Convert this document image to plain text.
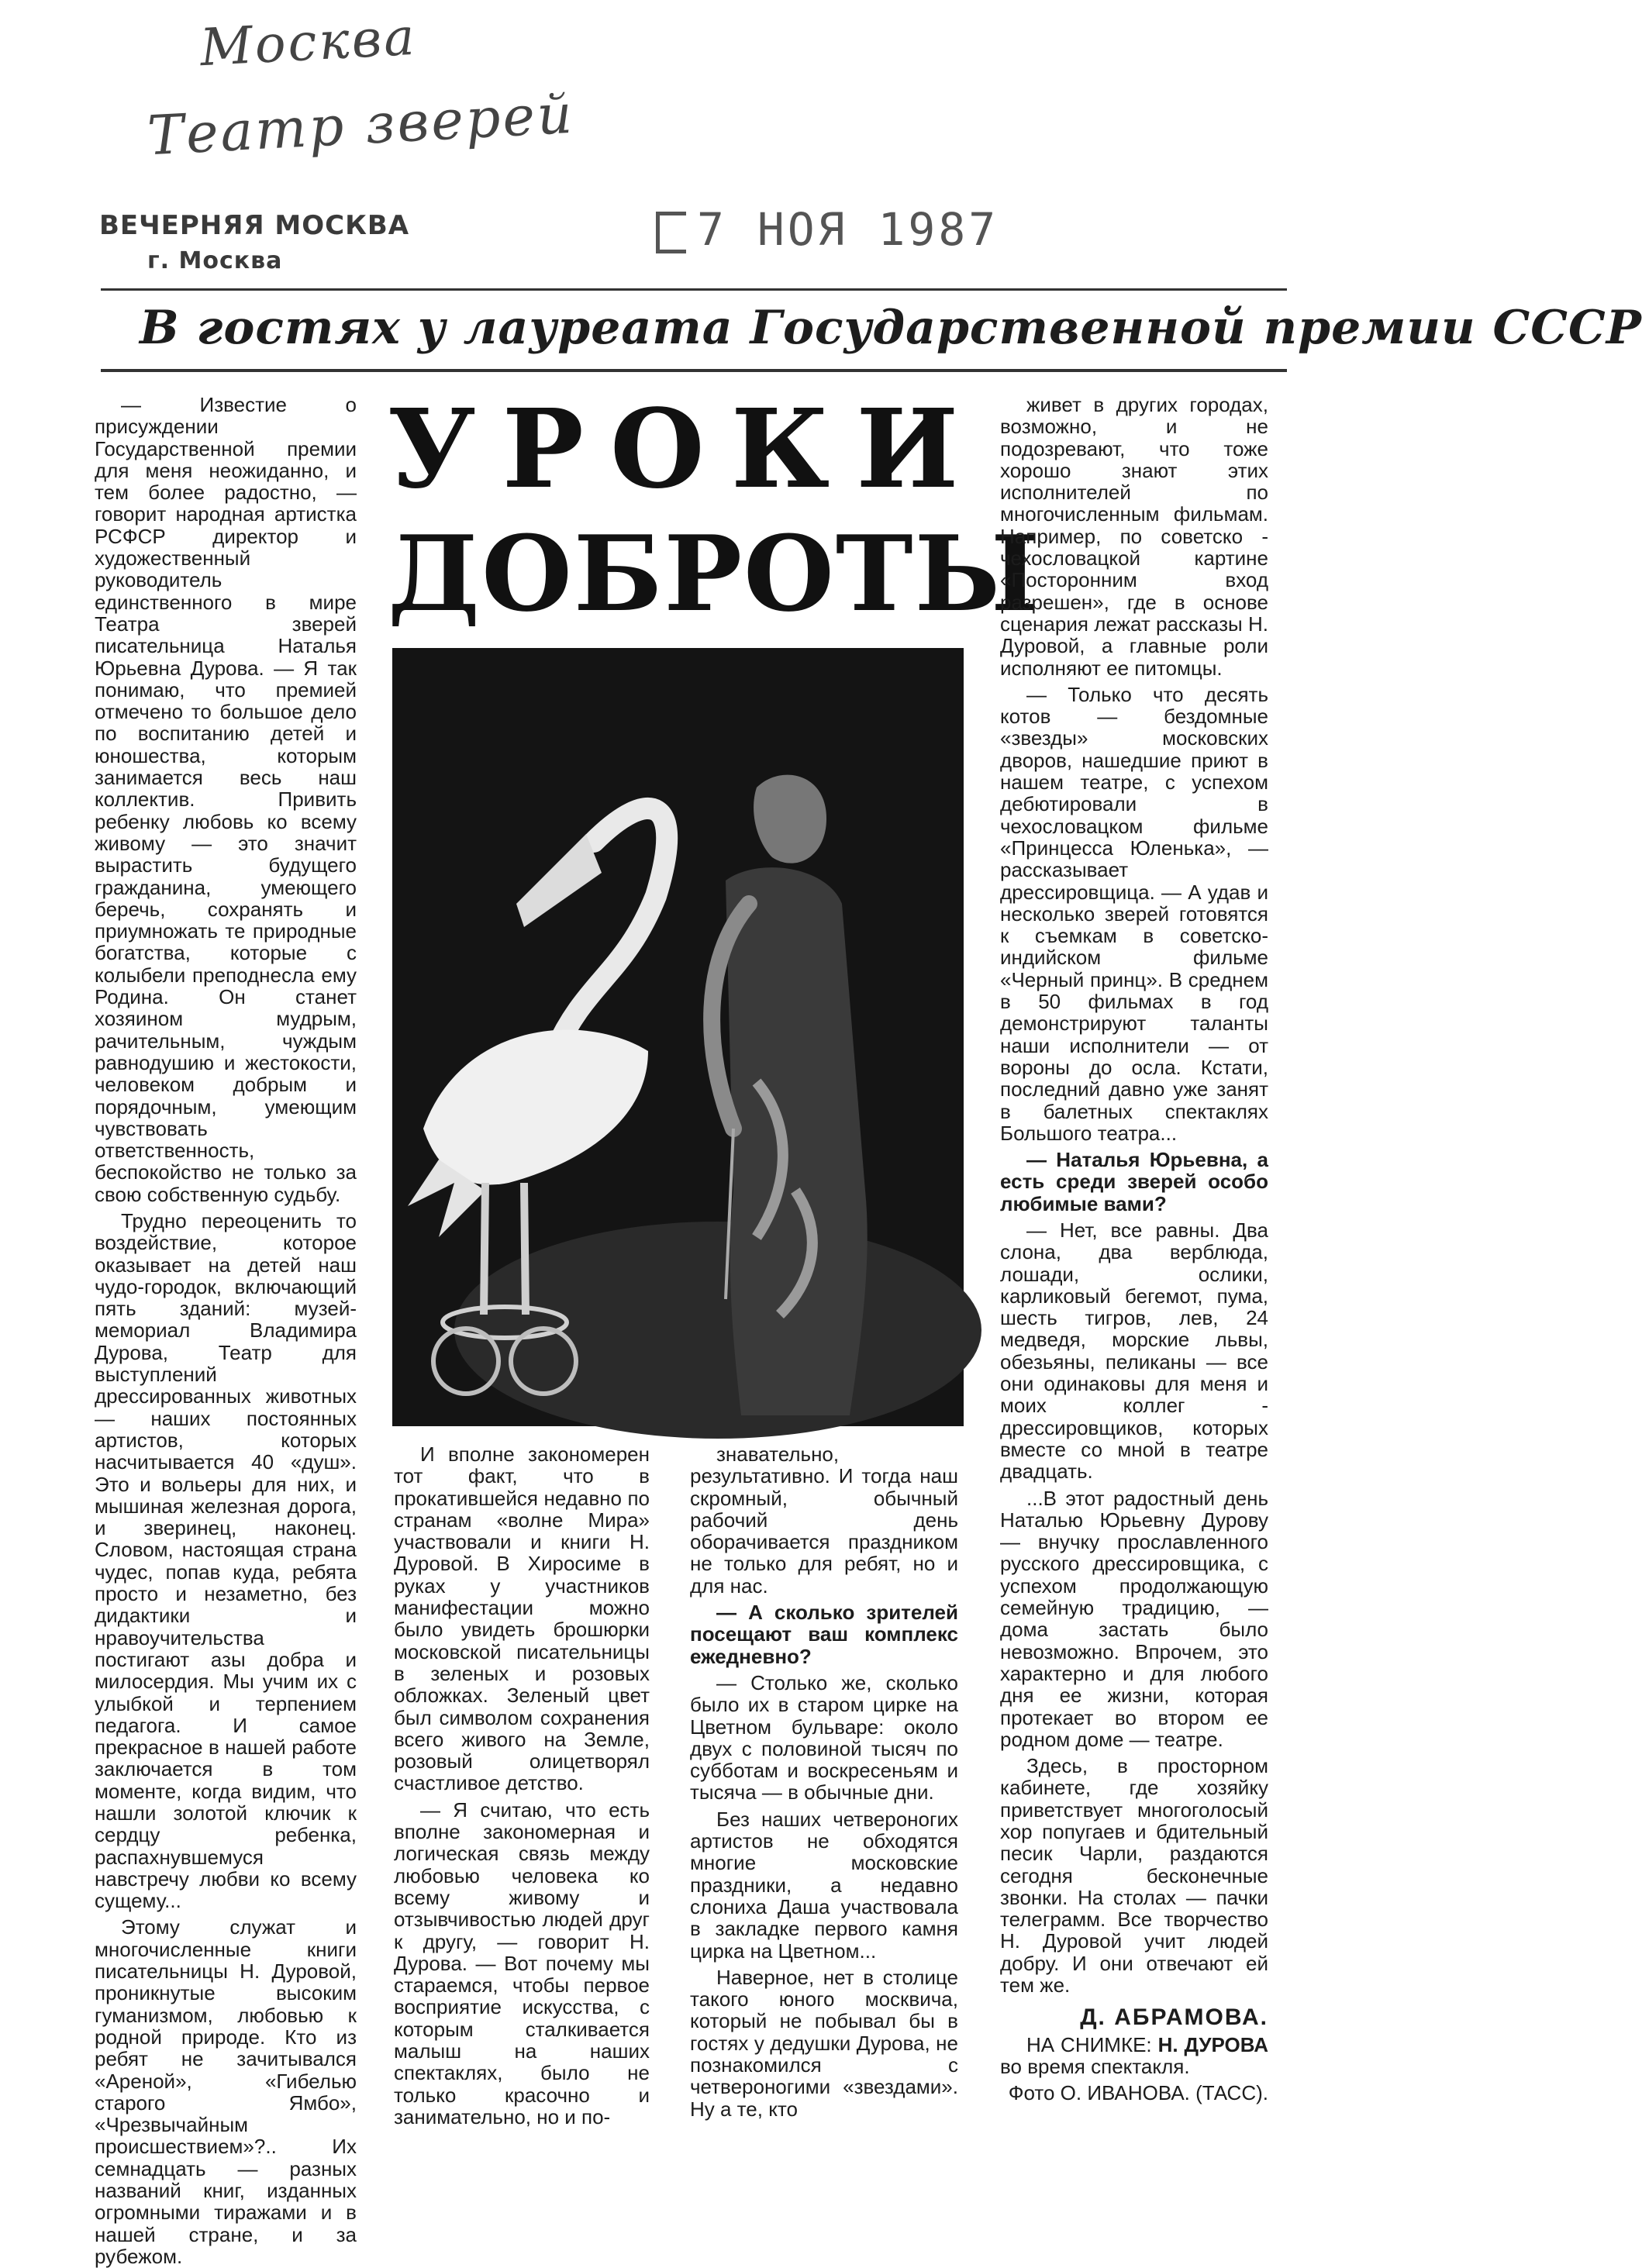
Москва
Театр зверей
ВЕЧЕРНЯЯ МОСКВА
г. Москва
7 НОЯ 1987
В гостях у лауреата Государственной премии СССР
УРОКИ
ДОБРОТЫ

— Известие о присуждении Государственной премии для меня неожиданно, и тем более радостно, — говорит народная артистка РСФСР директор и художественный руководитель единственного в мире Театра зверей писательница Наталья Юрьевна Дурова. — Я так понимаю, что премией отмечено то большое дело по воспитанию детей и юношества, которым занимается весь наш коллектив. Привить ребенку любовь ко всему живому — это значит вырастить будущего гражданина, умеющего беречь, сохранять и приумножать те природные богатства, которые с колыбели преподнесла ему Родина. Он станет хозяином мудрым, рачительным, чуждым равнодушию и жестокости, человеком добрым и порядочным, умеющим чувствовать ответственность, беспокойство не только за свою собственную судьбу.

Трудно переоценить то воздействие, которое оказывает на детей наш чудо-городок, включающий пять зданий: музей-мемориал Владимира Дурова, Театр для выступлений дрессированных животных — наших постоянных артистов, которых насчитывается 40 «душ». Это и вольеры для них, и мышиная железная дорога, и зверинец, наконец. Словом, настоящая страна чудес, попав куда, ребята просто и незаметно, без дидактики и нравоучительства постигают азы добра и милосердия. Мы учим их с улыбкой и терпением педагога. И самое прекрасное в нашей работе заключается в том моменте, когда видим, что нашли золотой ключик к сердцу ребенка, распахнувшемуся навстречу любви ко всему сущему...

Этому служат и многочисленные книги писательницы Н. Дуровой, проникнутые высоким гуманизмом, любовью к родной природе. Кто из ребят не зачитывался «Ареной», «Гибелью старого Ямбо», «Чрезвычайным происшествием»?.. Их семнадцать — разных названий книг, изданных огромными тиражами и в нашей стране, и за рубежом.

И вполне закономерен тот факт, что в прокатившейся недавно по странам «волне Мира» участвовали и книги Н. Дуровой. В Хиросиме в руках у участников манифестации можно было увидеть брошюрки московской писательницы в зеленых и розовых обложках. Зеленый цвет был символом сохранения всего живого на Земле, розовый олицетворял счастливое детство.

— Я считаю, что есть вполне закономерная и логическая связь между любовью человека ко всему живому и отзывчивостью людей друг к другу, — говорит Н. Дурова. — Вот почему мы стараемся, чтобы первое восприятие искусства, с которым сталкивается малыш на наших спектаклях, было не только красочно и занимательно, но и по-

знавательно, результативно. И тогда наш скромный, обычный рабочий день оборачивается праздником не только для ребят, но и для нас.

— А сколько зрителей посещают ваш комплекс ежедневно?

— Столько же, сколько было их в старом цирке на Цветном бульваре: около двух с половиной тысяч по субботам и воскресеньям и тысяча — в обычные дни.

Без наших четвероногих артистов не обходятся многие московские праздники, а недавно слониха Даша участвовала в закладке первого камня цирка на Цветном...

Наверное, нет в столице такого юного москвича, который не побывал бы в гостях у дедушки Дурова, не познакомился с четвероногими «звездами». Ну а те, кто

живет в других городах, возможно, и не подозревают, что тоже хорошо знают этих исполнителей по многочисленным фильмам. Например, по советско - чехословацкой картине «Посторонним вход разрешен», где в основе сценария лежат рассказы Н. Дуровой, а главные роли исполняют ее питомцы.

— Только что десять котов — бездомные «звезды» московских дворов, нашедшие приют в нашем театре, с успехом дебютировали в чехословацком фильме «Принцесса Юленька», — рассказывает дрессировщица. — А удав и несколько зверей готовятся к съемкам в советско-индийском фильме «Черный принц». В среднем в 50 фильмах в год демонстрируют таланты наши исполнители — от вороны до осла. Кстати, последний давно уже занят в балетных спектаклях Большого театра...

— Наталья Юрьевна, а есть среди зверей особо любимые вами?

— Нет, все равны. Два слона, два верблюда, лошади, ослики, карликовый бегемот, пума, шесть тигров, лев, 24 медведя, морские львы, обезьяны, пеликаны — все они одинаковы для меня и моих коллег - дрессировщиков, которых вместе со мной в театре двадцать.

...В этот радостный день Наталью Юрьевну Дурову — внучку прославленного русского дрессировщика, с успехом продолжающую семейную традицию, — дома застать было невозможно. Впрочем, это характерно и для любого дня ее жизни, которая протекает во втором ее родном доме — театре.

Здесь, в просторном кабинете, где хозяйку приветствует многоголосый хор попугаев и бдительный песик Чарли, раздаются сегодня бесконечные звонки. На столах — пачки телеграмм. Все творчество Н. Дуровой учит людей добру. И они отвечают ей тем же.

Д. АБРАМОВА.

НА СНИМКЕ: Н. ДУРОВА во время спектакля.

Фото О. ИВАНОВА. (ТАСС).
